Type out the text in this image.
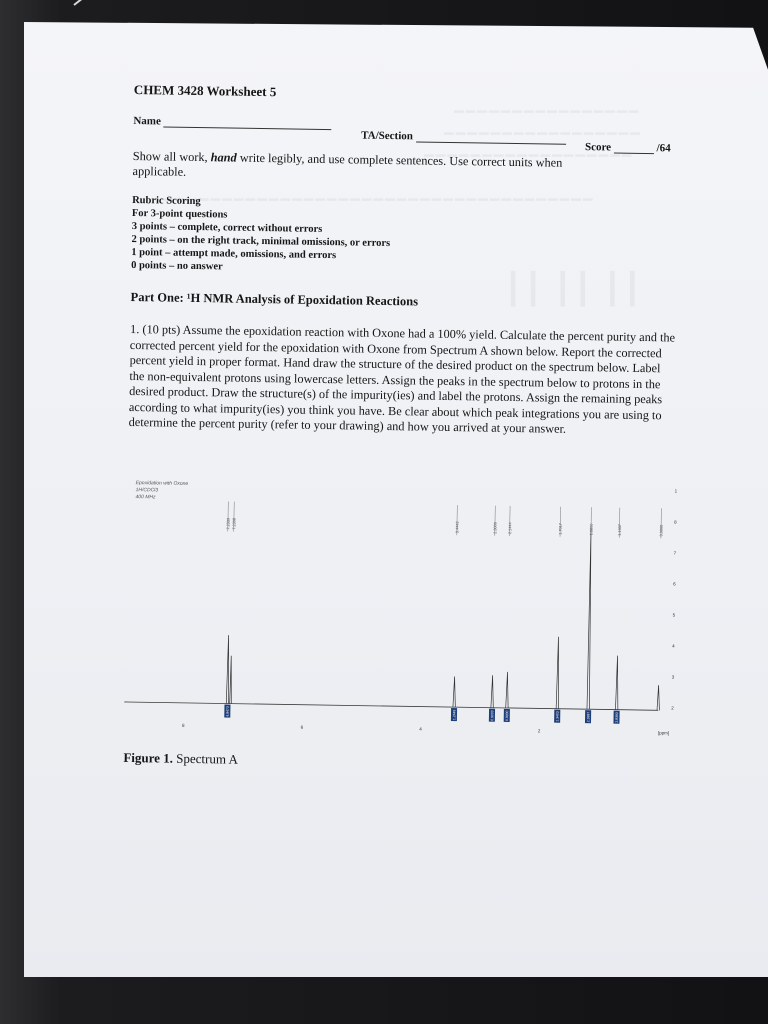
CHEM 3428 Worksheet 5
Name
TA/Section
Score	/64
Show all work, hand write legibly, and use complete sentences. Use correct units when
applicable.
Rubric Scoring
For 3-point questions
3 points – complete, correct without errors
2 points – on the right track, minimal omissions, or errors
1 point – attempt made, omissions, and errors
0 points – no answer
Part One: ¹H NMR Analysis of Epoxidation Reactions
1. (10 pts) Assume the epoxidation reaction with Oxone had a 100% yield. Calculate the percent purity and the corrected percent yield for the epoxidation with Oxone from Spectrum A shown below. Report the corrected percent yield in proper format. Hand draw the structure of the desired product on the spectrum below. Label the non-equivalent protons using lowercase letters. Assign the peaks in the spectrum below to protons in the desired product. Draw the structure(s) of the impurity(ies) and label the protons. Assign the remaining peaks according to what impurity(ies) you think you have. Be clear about which peak integrations you are using to determine the percent purity (refer to your drawing) and how you arrived at your answer.
Epoxidation with Oxone
1H/CDCl3
400 MHz
7.2339 7.2308	3.4443	2.3000	2.1444	1.7017	1.1800	1.1937	0.0000
4.8473	1.2449	0.9000	0.9000	1.3403	2.5997	2.8393
8	6	4	2
1
8
7
6
5
4
3
2
[ppm]
Figure 1. Spectrum A
